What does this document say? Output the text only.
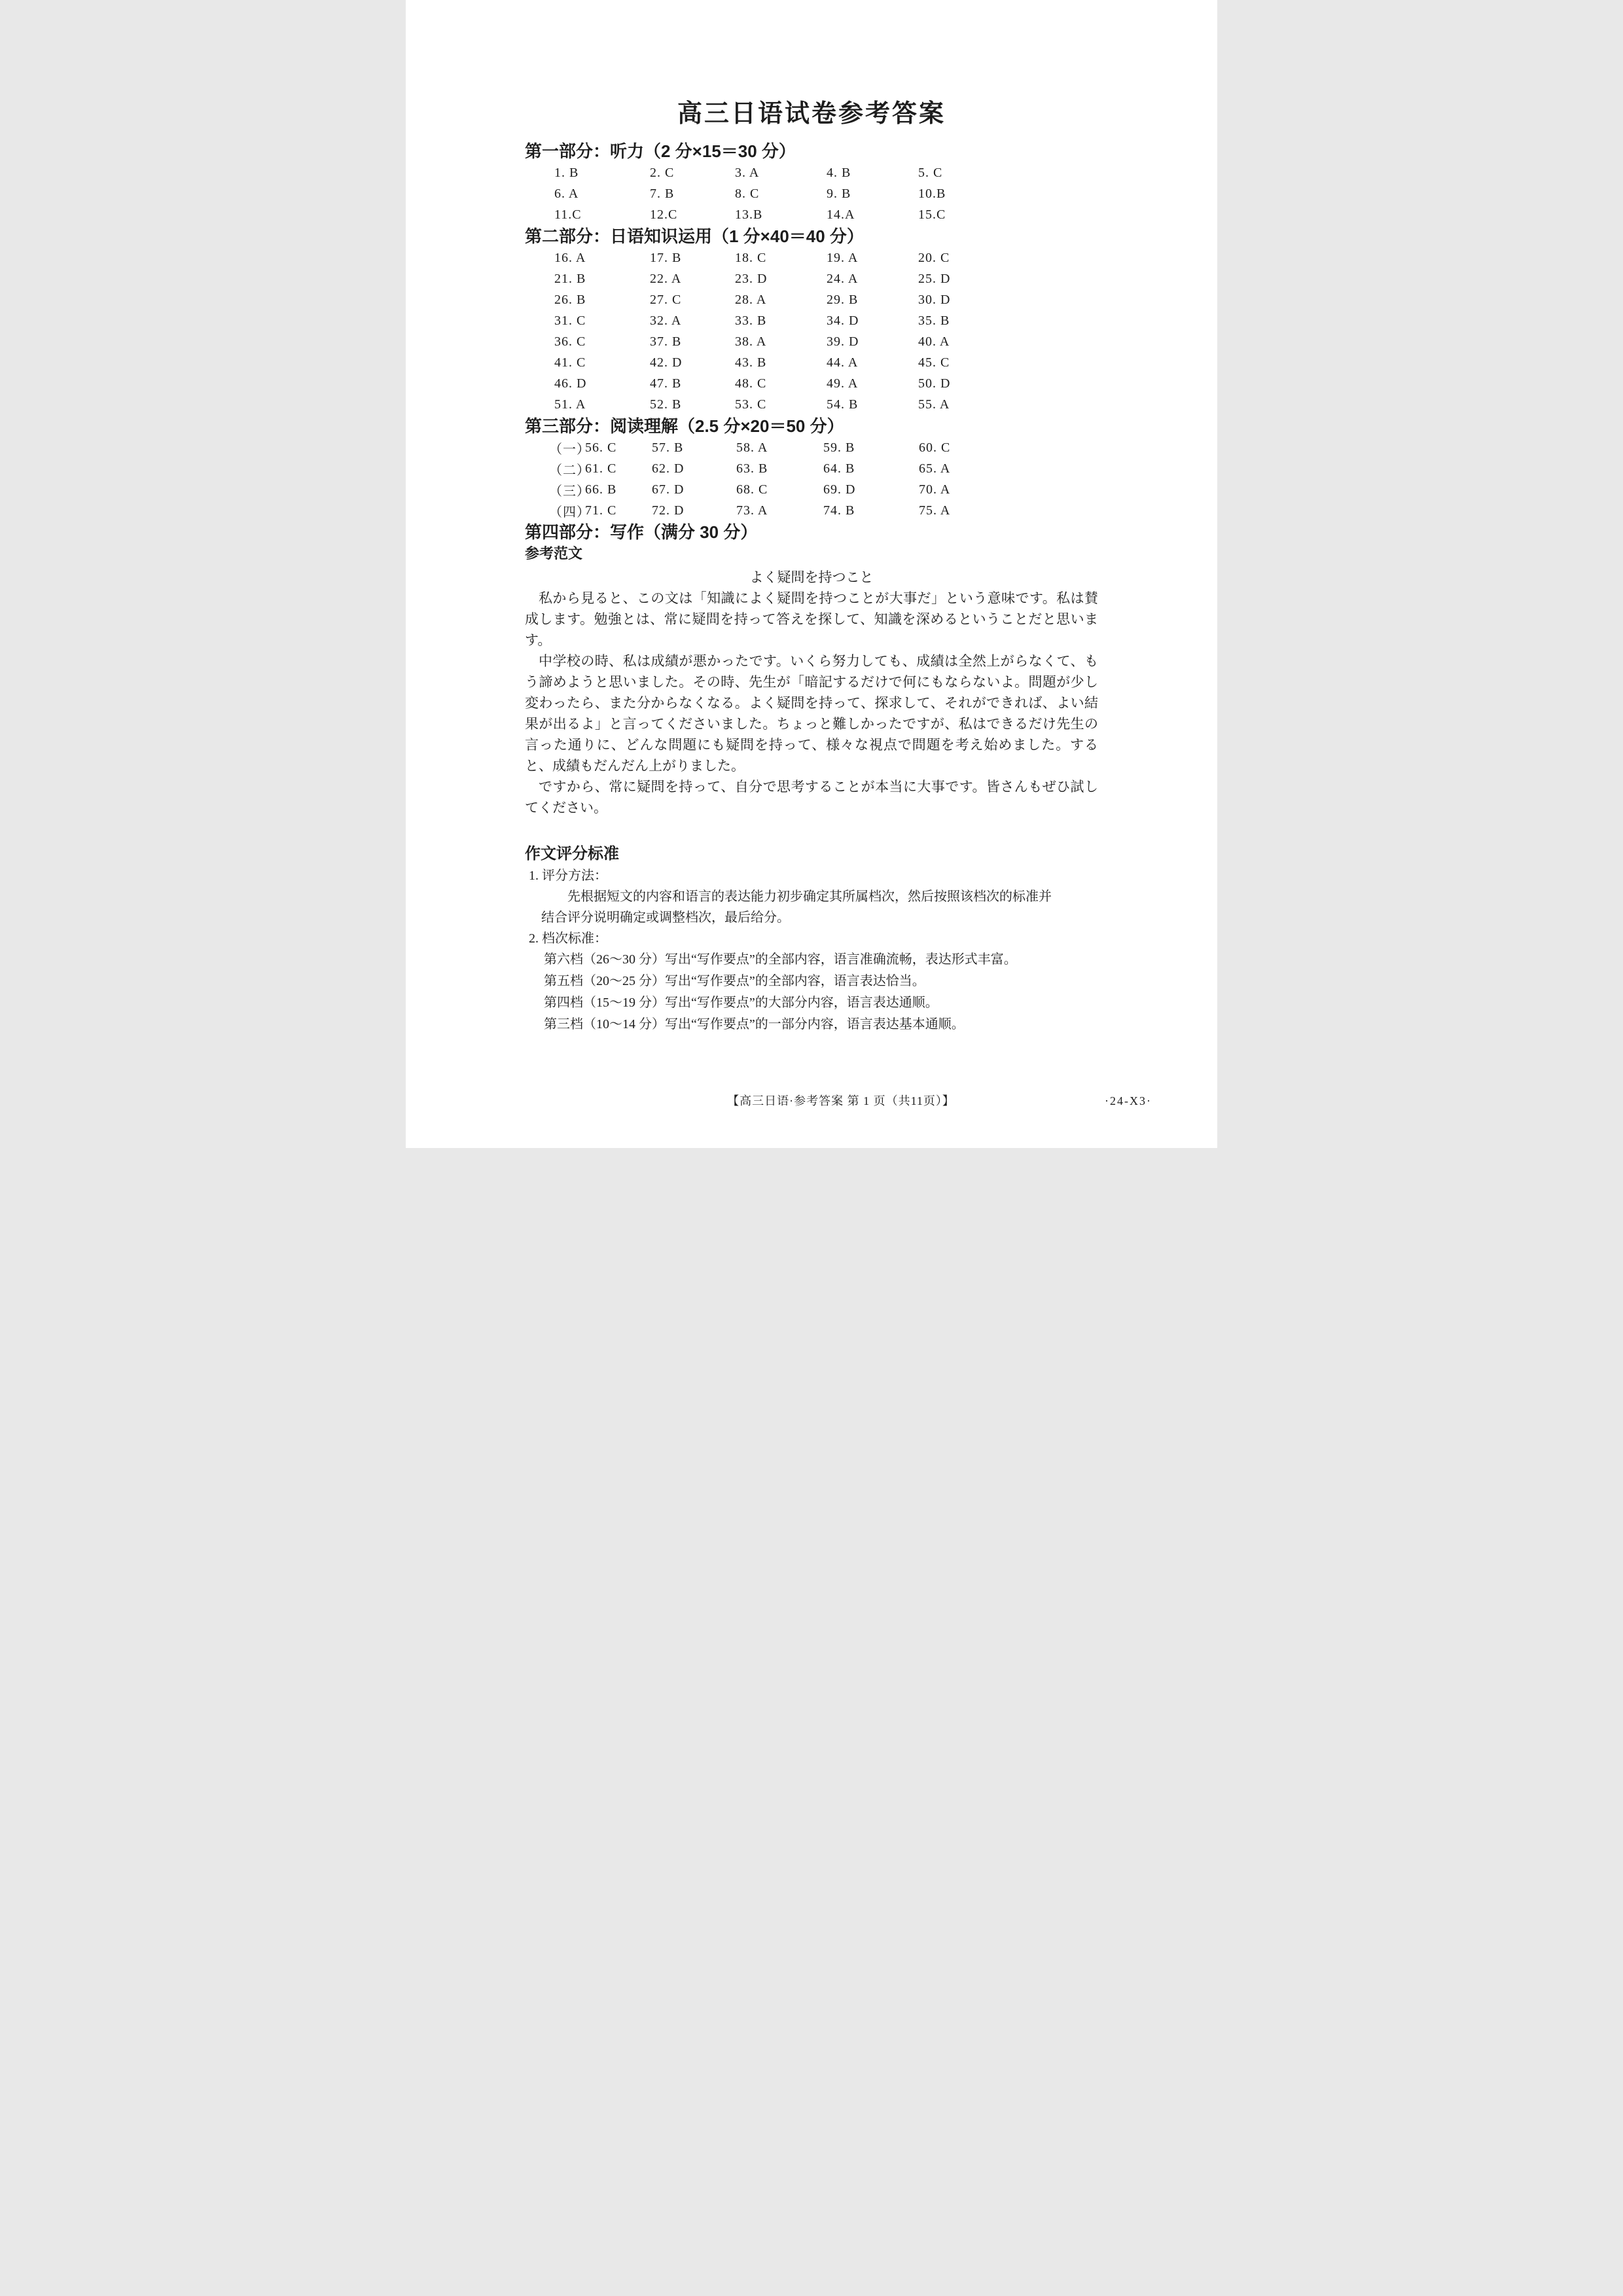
高三日语试卷参考答案
第一部分：听力（2 分×15＝30 分）
1. B	2. C	3. A	4. B	5. C
6. A	7. B	8. C	9. B	10.B
11.C	12.C	13.B	14.A	15.C
第二部分：日语知识运用（1 分×40＝40 分）
16. A	17. B	18. C	19. A	20. C
21. B	22. A	23. D	24. A	25. D
26. B	27. C	28. A	29. B	30. D
31. C	32. A	33. B	34. D	35. B
36. C	37. B	38. A	39. D	40. A
41. C	42. D	43. B	44. A	45. C
46. D	47. B	48. C	49. A	50. D
51. A	52. B	53. C	54. B	55. A
第三部分：阅读理解（2.5 分×20＝50 分）
（一）
56. C	57. B	58. A	59. B	60. C
（二）
61. C	62. D	63. B	64. B	65. A
（三）
66. B	67. D	68. C	69. D	70. A
（四）
71. C	72. D	73. A	74. B	75. A
第四部分：写作（满分 30 分）
参考范文
よく疑問を持つこと
私から見ると、この文は「知識によく疑問を持つことが大事だ」という意味です。私は賛成します。勉強とは、常に疑問を持って答えを探して、知識を深めるということだと思います。
中学校の時、私は成績が悪かったです。いくら努力しても、成績は全然上がらなくて、もう諦めようと思いました。その時、先生が「暗記するだけで何にもならないよ。問題が少し変わったら、また分からなくなる。よく疑問を持って、探求して、それができれば、よい結果が出るよ」と言ってくださいました。ちょっと難しかったですが、私はできるだけ先生の言った通りに、どんな問題にも疑問を持って、様々な視点で問題を考え始めました。すると、成績もだんだん上がりました。
ですから、常に疑問を持って、自分で思考することが本当に大事です。皆さんもぜひ試してください。
作文评分标准
1. 评分方法：
先根据短文的内容和语言的表达能力初步确定其所属档次，然后按照该档次的标准并
结合评分说明确定或调整档次，最后给分。
2. 档次标准：
第六档（26～30 分）写出“写作要点”的全部内容，语言准确流畅，表达形式丰富。
第五档（20～25 分）写出“写作要点”的全部内容，语言表达恰当。
第四档（15～19 分）写出“写作要点”的大部分内容，语言表达通顺。
第三档（10～14 分）写出“写作要点”的一部分内容，语言表达基本通顺。
【高三日语·参考答案 第 1 页（共11页）】	·24-X3·
